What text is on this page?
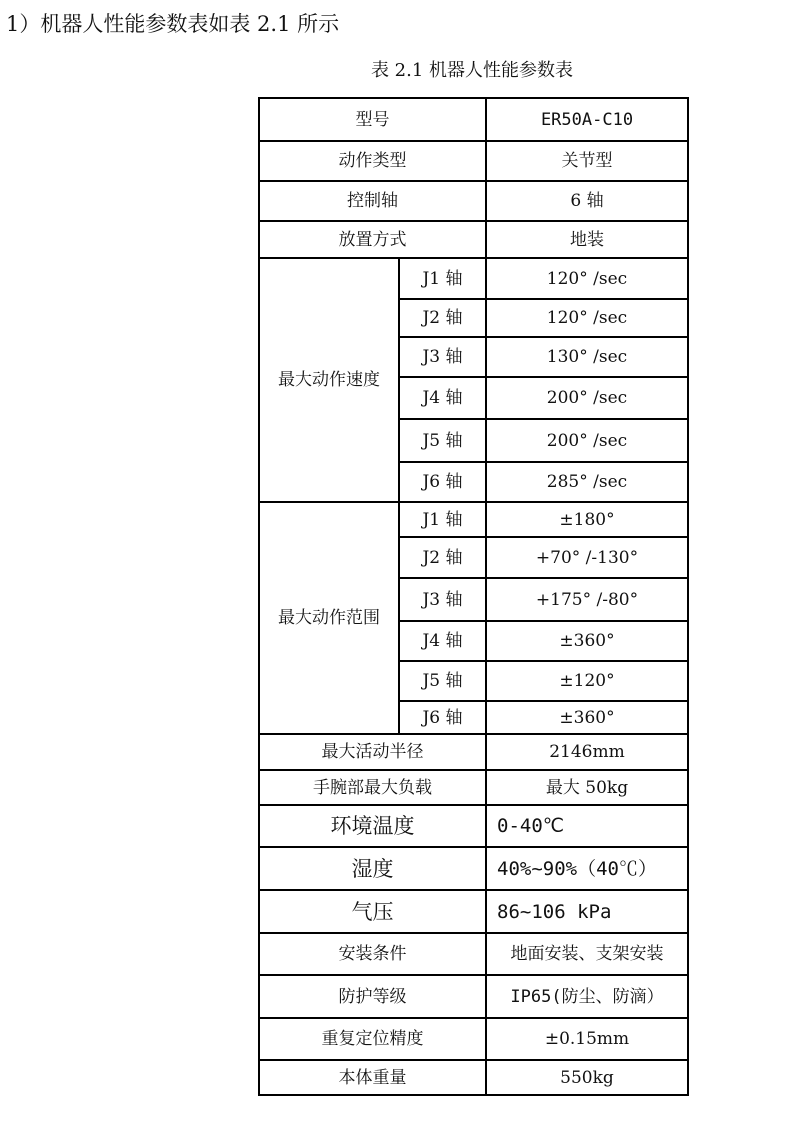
1）机器人性能参数表如表 2.1 所示
表 2.1 机器人性能参数表
型号		ER50A-C10
动作类型		关节型
控制轴		6 轴
放置方式		地装
最大动作速度	J1 轴	120° /sec
	J2 轴	120° /sec
	J3 轴	130° /sec
	J4 轴	200° /sec
	J5 轴	200° /sec
	J6 轴	285° /sec
最大动作范围	J1 轴	±180°
	J2 轴	+70° /-130°
	J3 轴	+175° /-80°
	J4 轴	±360°
	J5 轴	±120°
	J6 轴	±360°
最大活动半径		2146mm
手腕部最大负载		最大 50kg
环境温度		0-40℃
湿度		40%~90%（40℃）
气压		86~106 kPa
安装条件		地面安装、支架安装
防护等级		IP65(防尘、防滴）
重复定位精度		±0.15mm
本体重量		550kg
